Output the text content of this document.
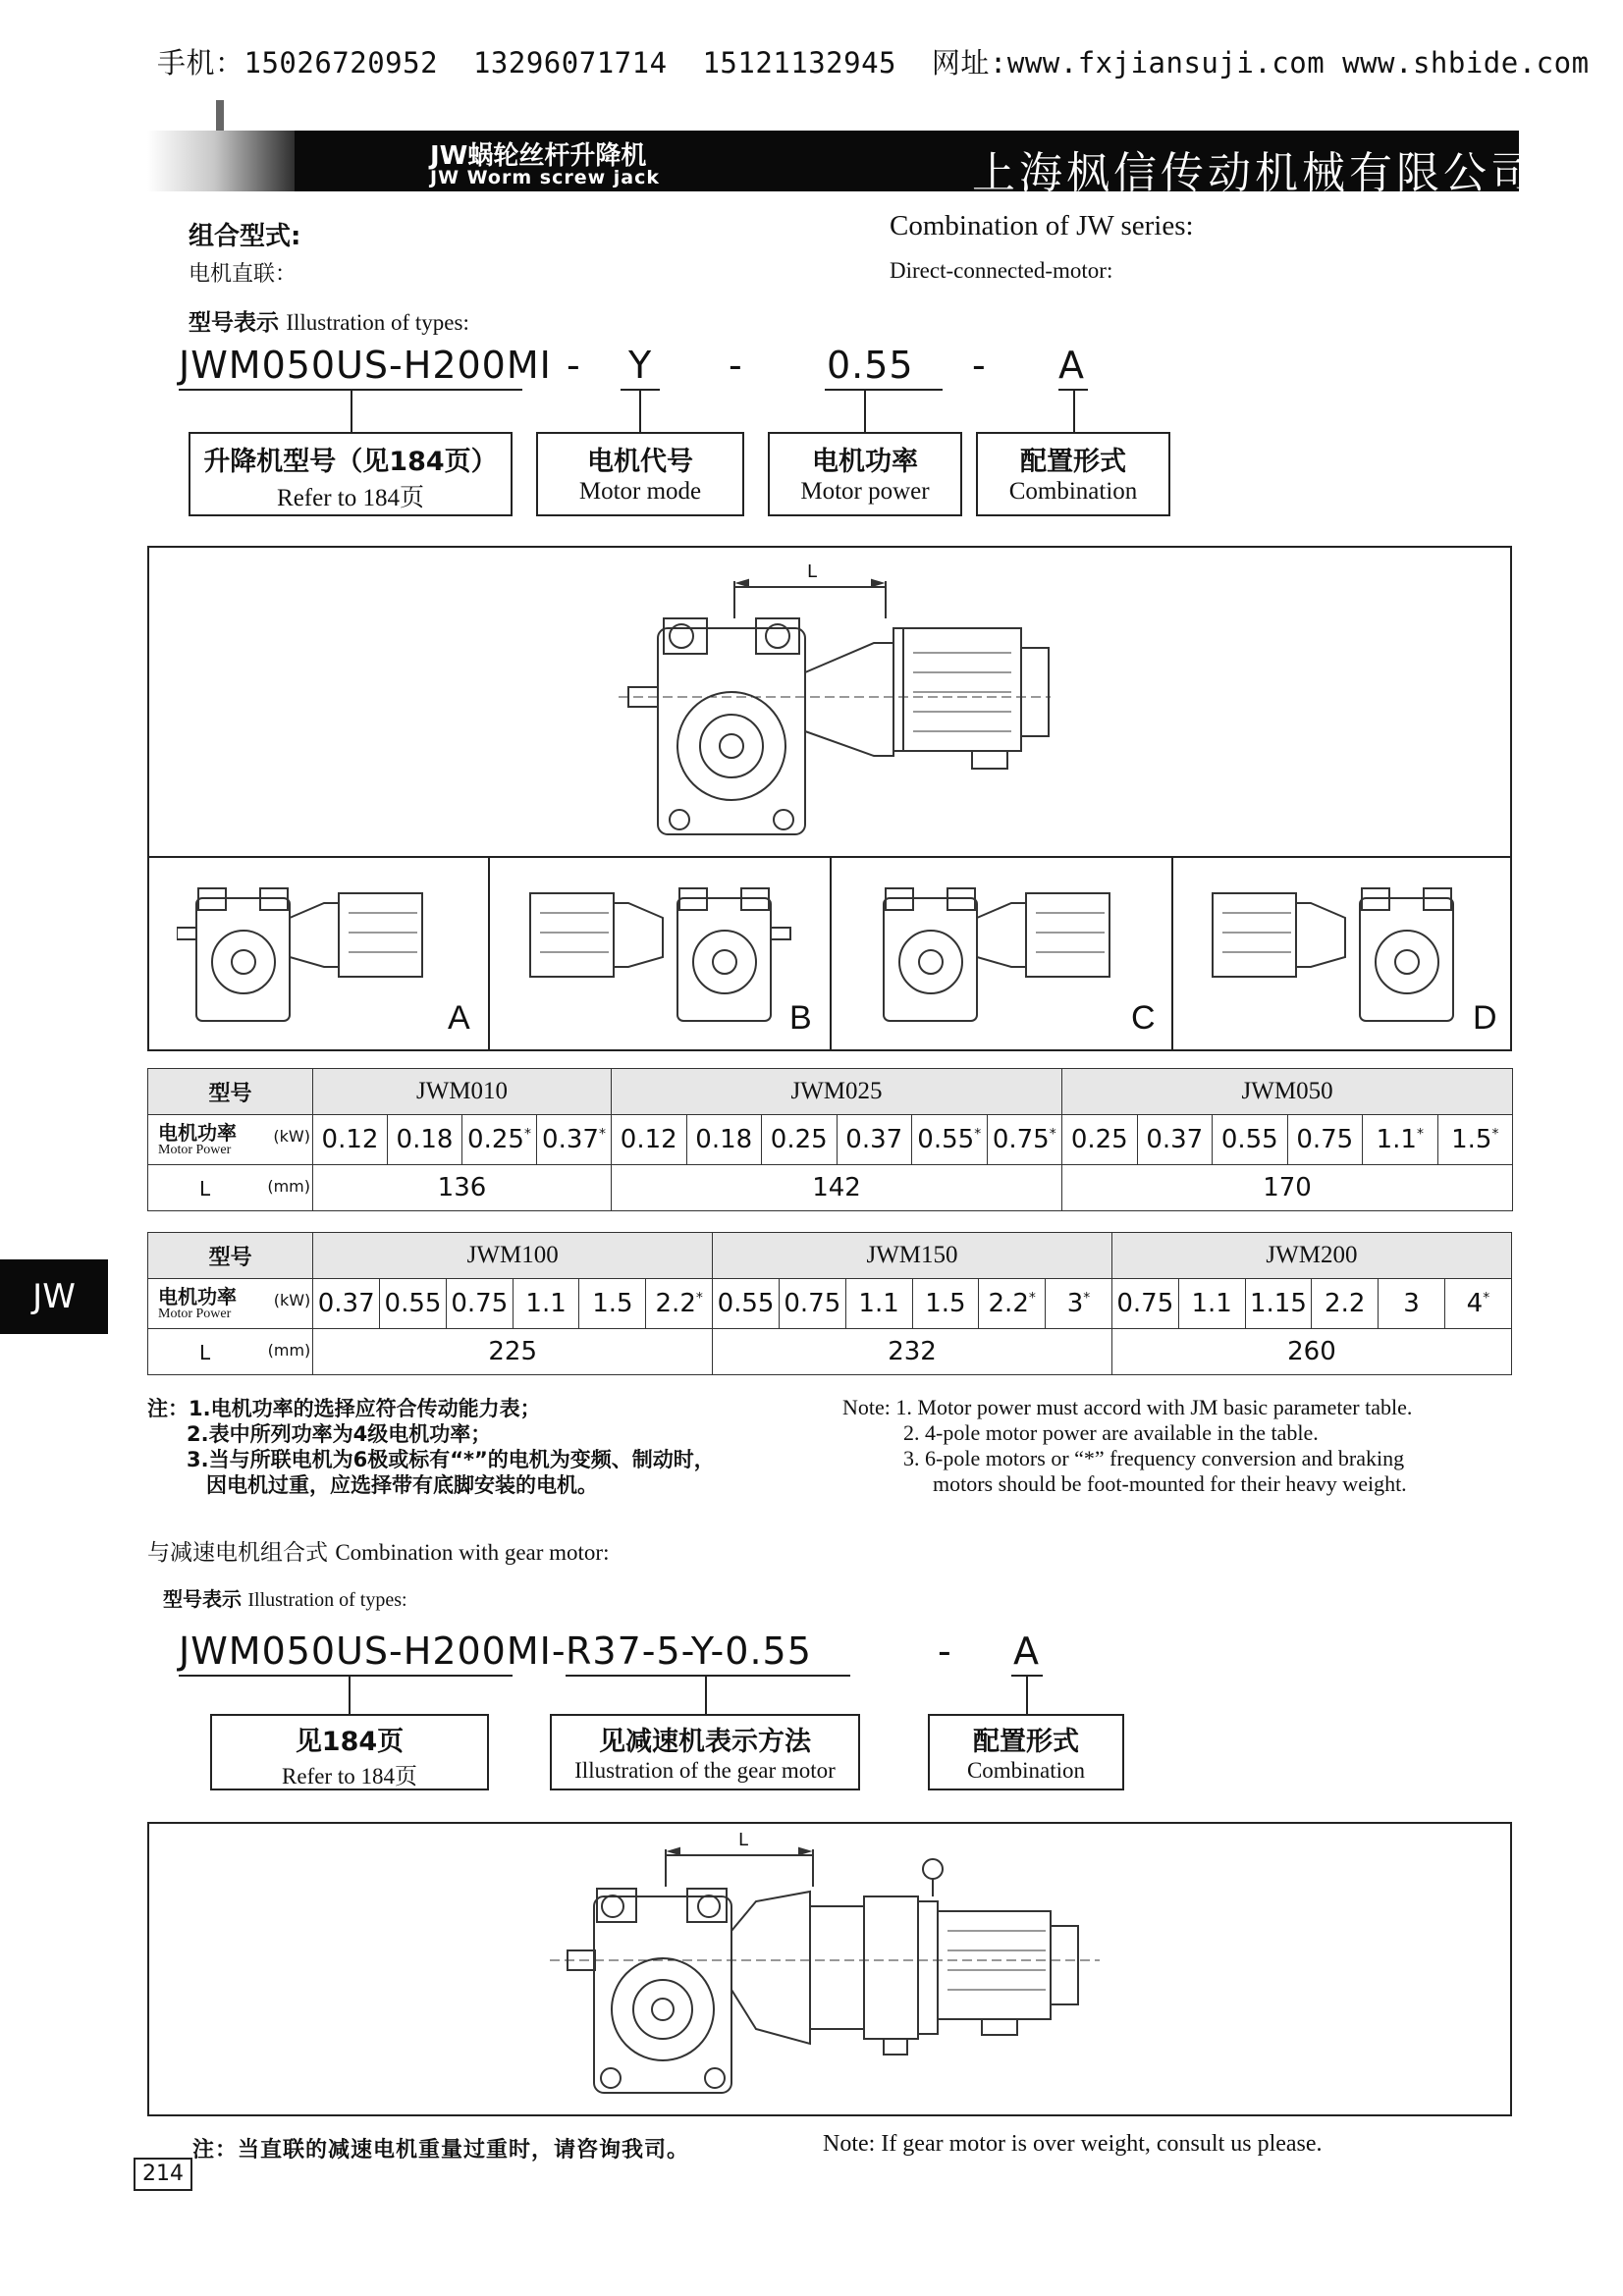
手机：15026720952  13296071714  15121132945  网址:www.fxjiansuji.com www.shbide.com
JW蜗轮丝杆升降机
JW Worm screw jack	上海枫信传动机械有限公司
组合型式:
电机直联：
Combination of JW series:
Direct-connected-motor:
型号表示 Illustration of types:
JWM050US-H200MI - Y - 0.55 - A
升降机型号（见184页）
Refer to 184页
电机代号
Motor mode
电机功率
Motor power
配置形式
Combination
L
A	B	C	D
型号	JWM010				JWM025						JWM050					

电机功率
Motor Power
(kW)	0.12	0.18	0.25*	0.37*	0.12	0.18	0.25	0.37	0.55*	0.75*	0.25	0.37	0.55	0.75	1.1*	1.5*

L (mm)	136				142						170					
JW
型号	JWM100						JWM150						JWM200					

电机功率
Motor Power
(kW)	0.37	0.55	0.75	1.1	1.5	2.2*	0.55	0.75	1.1	1.5	2.2*	3*	0.75	1.1	1.15	2.2	3	4*

L (mm)	225						232						260					
注：1.电机功率的选择应符合传动能力表；
2.表中所列功率为4级电机功率；
3.当与所联电机为6极或标有“*”的电机为变频、制动时，
因电机过重，应选择带有底脚安装的电机。
Note: 1. Motor power must accord with JM basic parameter table.
2. 4-pole motor power are available in the table.
3. 6-pole motors or “*” frequency conversion and braking
motors should be foot-mounted for their heavy weight.
与减速电机组合式 Combination with gear motor:
型号表示 Illustration of types:
JWM050US-H200MI- R37-5-Y-0.55	- A
见184页
Refer to 184页
见减速机表示方法
Illustration of the gear motor
配置形式
Combination
L
注：当直联的减速电机重量过重时，请咨询我司。	Note: If gear motor is over weight, consult us please.
214
